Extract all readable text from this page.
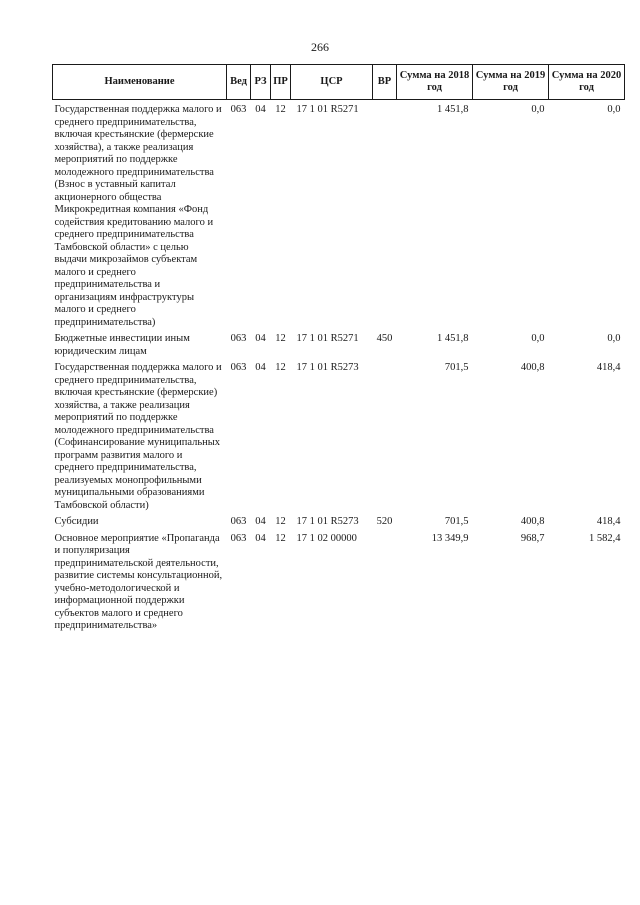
266
Наименование	Вед	РЗ	ПР	ЦСР	ВР	Сумма на 2018 год	Сумма на 2019 год	Сумма на 2020 год
Государственная поддержка малого и среднего предпринимательства, включая крестьянские (фермерские хозяйства), а также реализация мероприятий по поддержке молодежного предпринимательства (Взнос в уставный капитал акционерного общества Микрокредитная компания «Фонд содействия кредитованию малого и среднего предпринимательства Тамбовской области» с целью выдачи микрозаймов субъектам малого и среднего предпринимательства и организациям инфраструктуры малого и среднего предпринимательства)	063	04	12	17 1 01 R5271		1 451,8	0,0	0,0
Бюджетные инвестиции иным юридическим лицам	063	04	12	17 1 01 R5271	450	1 451,8	0,0	0,0
Государственная поддержка малого и среднего предпринимательства, включая крестьянские (фермерские) хозяйства, а также реализация мероприятий по поддержке молодежного предпринимательства (Софинансирование муниципальных программ развития малого и среднего предпринимательства, реализуемых монопрофильными муниципальными образованиями Тамбовской области)	063	04	12	17 1 01 R5273		701,5	400,8	418,4
Субсидии	063	04	12	17 1 01 R5273	520	701,5	400,8	418,4
Основное мероприятие «Пропаганда и популяризация предпринимательской деятельности, развитие системы консультационной, учебно-методологической и информационной поддержки субъектов малого и среднего предпринимательства»	063	04	12	17 1 02 00000		13 349,9	968,7	1 582,4
